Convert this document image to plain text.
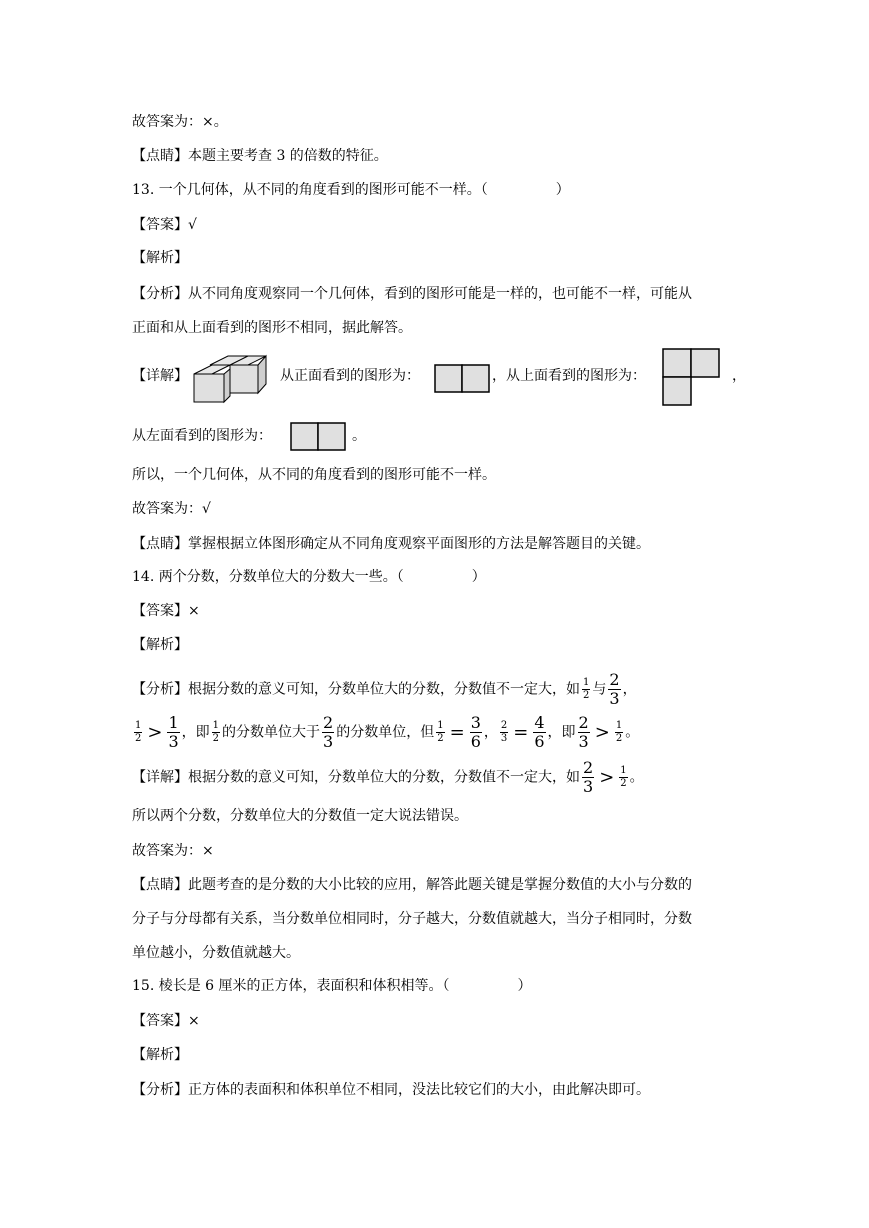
故答案为：×。
【点睛】本题主要考查 3 的倍数的特征。
13. 一个几何体，从不同的角度看到的图形可能不一样。（	）
【答案】√
【解析】
【分析】从不同角度观察同一个几何体，看到的图形可能是一样的，也可能不一样，可能从
正面和从上面看到的图形不相同，据此解答。
【详解】	从正面看到的图形为：	，从上面看到的图形为：	，
从左面看到的图形为：	。
所以，一个几何体，从不同的角度看到的图形可能不一样。
故答案为：√
【点睛】掌握根据立体图形确定从不同角度观察平面图形的方法是解答题目的关键。
14. 两个分数，分数单位大的分数大一些。（	）
【答案】×
【解析】
【分析】根据分数的意义可知，分数单位大的分数，分数值不一定大，如 $\frac{1}{2}$ 与 $\frac{2}{3}$ ，
$\frac{1}{2} > \frac{1}{3}$ ，即 $\frac{1}{2}$ 的分数单位大于 $\frac{2}{3}$ 的分数单位，但 $\frac{1}{2} = \frac{3}{6}$ ， $\frac{2}{3} = \frac{4}{6}$ ，即 $\frac{2}{3} > \frac{1}{2}$ 。
【详解】根据分数的意义可知，分数单位大的分数，分数值不一定大，如 $\frac{2}{3} > \frac{1}{2}$ 。
所以两个分数，分数单位大的分数值一定大说法错误。
故答案为：×
【点睛】此题考查的是分数的大小比较的应用，解答此题关键是掌握分数值的大小与分数的
分子与分母都有关系，当分数单位相同时，分子越大，分数值就越大，当分子相同时，分数
单位越小，分数值就越大。
15. 棱长是 6 厘米的正方体，表面积和体积相等。（	）
【答案】×
【解析】
【分析】正方体的表面积和体积单位不相同，没法比较它们的大小，由此解决即可。
